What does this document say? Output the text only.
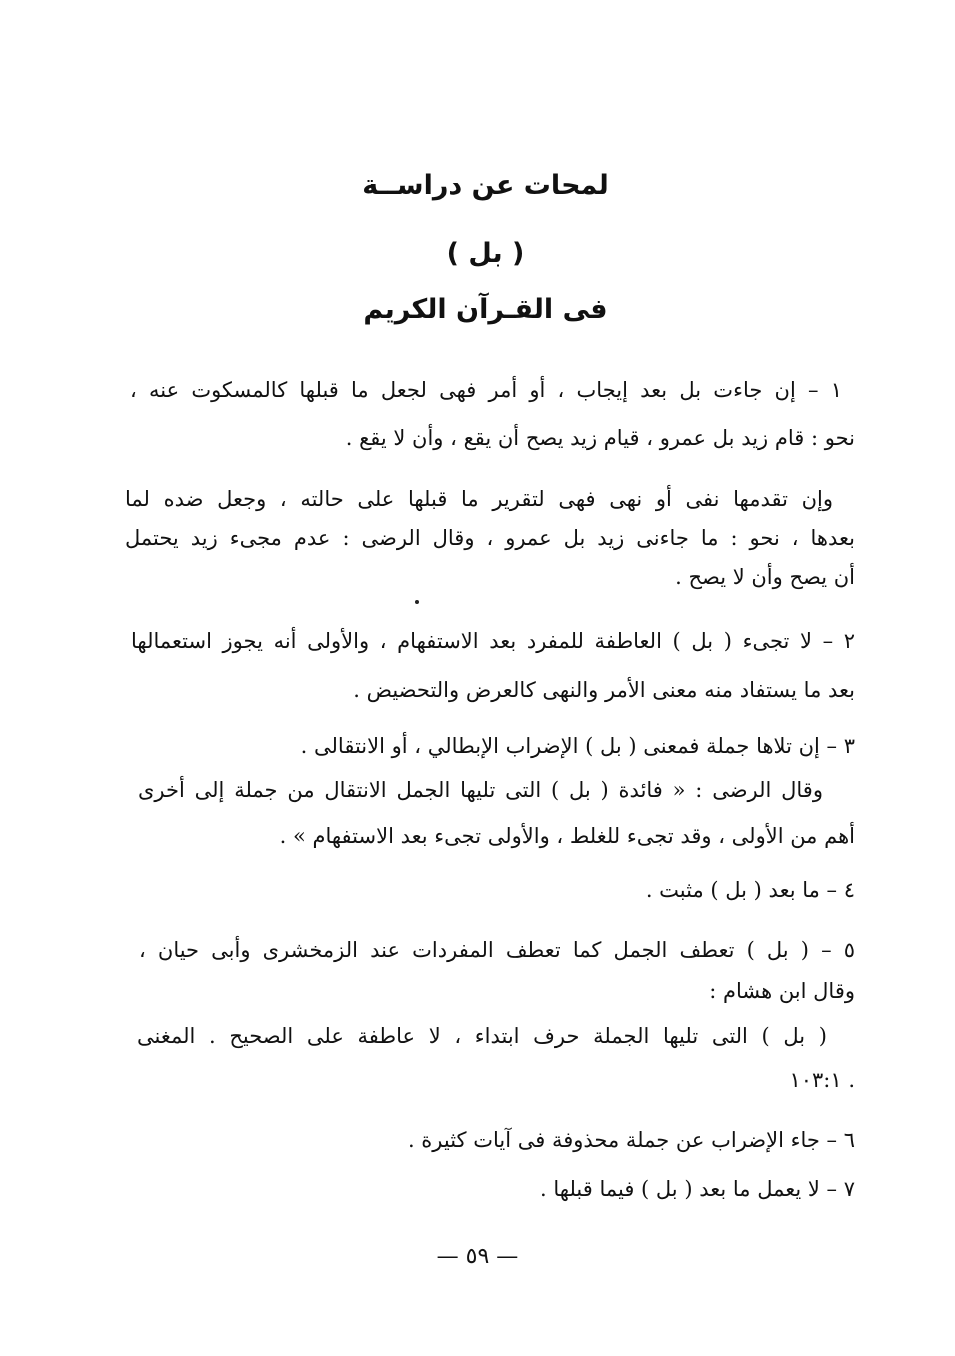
لمحات عن دراســة
( بل )
فى القـرآن الكريم
١ – إن جاءت بل بعد إيجاب ، أو أمر فهى لجعل ما قبلها كالمسكوت عنه ،
نحو : قام زيد بل عمرو ، قيام زيد يصح أن يقع ، وأن لا يقع .
وإن تقدمها نفى أو نهى فهى لتقرير ما قبلها على حالته ، وجعل ضده لما
بعدها ، نحو : ما جاءنى زيد بل عمرو ، وقال الرضى : عدم مجىء زيد يحتمل
أن يصح وأن لا يصح .
٢ – لا تجىء ( بل ) العاطفة للمفرد بعد الاستفهام ، والأولى أنه يجوز استعمالها
بعد ما يستفاد منه معنى الأمر والنهى كالعرض والتحضيض .
٣ – إن تلاها جملة فمعنى ( بل ) الإضراب الإبطالي ، أو الانتقالى .
وقال الرضى : « فائدة ( بل ) التى تليها الجمل الانتقال من جملة إلى أخرى
أهم من الأولى ، وقد تجىء للغلط ، والأولى تجىء بعد الاستفهام » .
٤ – ما بعد ( بل ) مثبت .
٥ – ( بل ) تعطف الجمل كما تعطف المفردات عند الزمخشرى وأبى حيان ،
وقال ابن هشام :
( بل ) التى تليها الجملة حرف ابتداء ، لا عاطفة على الصحيح . المغنى
١٠٣:١ .
٦ – جاء الإضراب عن جملة محذوفة فى آيات كثيرة .
٧ – لا يعمل ما بعد ( بل ) فيما قبلها .
— ٥٩ —
